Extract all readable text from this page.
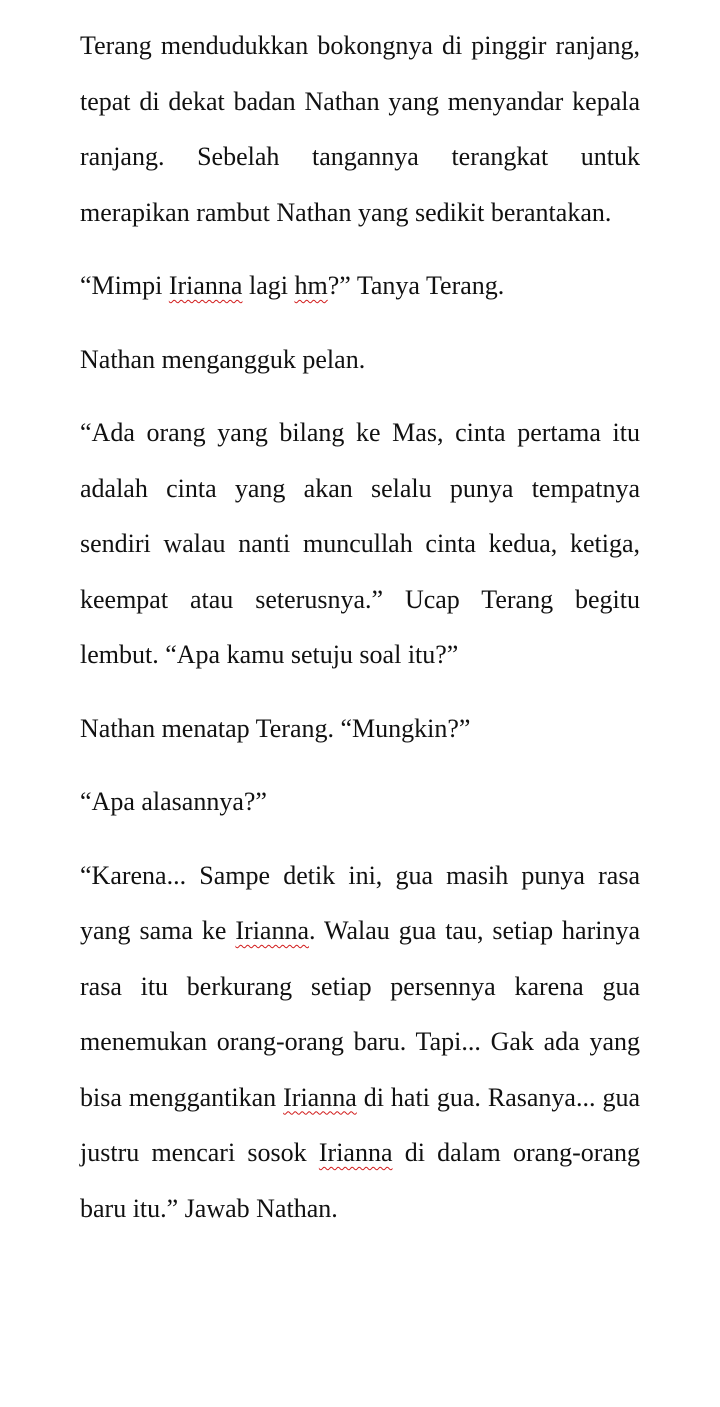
Terang mendudukkan bokongnya di pinggir ranjang, tepat di dekat badan Nathan yang menyandar kepala ranjang. Sebelah tangannya terangkat untuk merapikan rambut Nathan yang sedikit berantakan.

“Mimpi Irianna lagi hm?” Tanya Terang.

Nathan mengangguk pelan.

“Ada orang yang bilang ke Mas, cinta pertama itu adalah cinta yang akan selalu punya tempatnya sendiri walau nanti muncullah cinta kedua, ketiga, keempat atau seterusnya.” Ucap Terang begitu lembut. “Apa kamu setuju soal itu?”

Nathan menatap Terang. “Mungkin?”

“Apa alasannya?”

“Karena... Sampe detik ini, gua masih punya rasa yang sama ke Irianna. Walau gua tau, setiap harinya rasa itu berkurang setiap persennya karena gua menemukan orang-orang baru. Tapi... Gak ada yang bisa menggantikan Irianna di hati gua. Rasanya... gua justru mencari sosok Irianna di dalam orang-orang baru itu.” Jawab Nathan.
